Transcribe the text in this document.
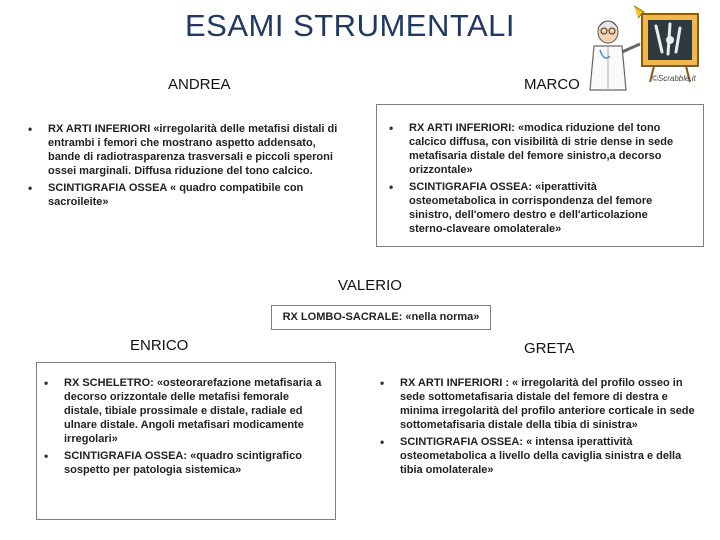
ESAMI STRUMENTALI
©Scrabble.it
ANDREA
• RX ARTI INFERIORI «irregolarità delle metafisi distali di entrambi i femori che mostrano aspetto addensato, bande di radiotrasparenza trasversali e piccoli speroni ossei marginali. Diffusa riduzione del tono calcico.
• SCINTIGRAFIA OSSEA « quadro compatibile con sacroileite»
MARCO
• RX ARTI INFERIORI: «modica riduzione del tono calcico diffusa, con visibilità di strie dense in sede metafisaria distale del femore sinistro,a decorso orizzontale»
• SCINTIGRAFIA OSSEA: «iperattività osteometabolica in corrispondenza del femore sinistro, dell'omero destro e dell'articolazione sterno-claveare omolaterale»
VALERIO
RX LOMBO-SACRALE: «nella norma»
ENRICO
• RX SCHELETRO: «osteorarefazione metafisaria a decorso orizzontale delle metafisi femorale distale, tibiale prossimale e distale, radiale ed ulnare distale. Angoli metafisari modicamente irregolari»
• SCINTIGRAFIA OSSEA: «quadro scintigrafico sospetto per patologia sistemica»
GRETA
• RX ARTI INFERIORI : « irregolarità del profilo osseo in sede sottometafisaria distale del femore di destra e minima irregolarità del profilo anteriore corticale in sede sottometafisaria distale della tibia di sinistra»
• SCINTIGRAFIA OSSEA: « intensa iperattività osteometabolica a livello della caviglia sinistra e della tibia omolaterale»
